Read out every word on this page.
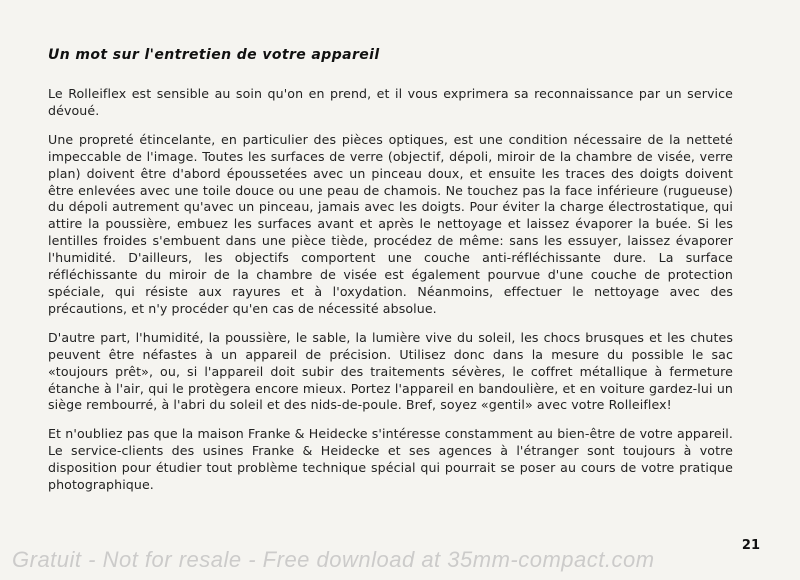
Un mot sur l'entretien de votre appareil

Le Rolleiflex est sensible au soin qu'on en prend, et il vous exprimera sa reconnaissance par un service dévoué.

Une propreté étincelante, en particulier des pièces optiques, est une condition nécessaire de la netteté impeccable de l'image. Toutes les surfaces de verre (objectif, dépoli, miroir de la chambre de visée, verre plan) doivent être d'abord époussetées avec un pinceau doux, et ensuite les traces des doigts doivent être enlevées avec une toile douce ou une peau de chamois. Ne touchez pas la face inférieure (rugueuse) du dépoli autrement qu'avec un pinceau, jamais avec les doigts. Pour éviter la charge électrostatique, qui attire la poussière, embuez les surfaces avant et après le nettoyage et laissez évaporer la buée. Si les lentilles froides s'embuent dans une pièce tiède, procédez de même: sans les essuyer, laissez évaporer l'humidité. D'ailleurs, les objectifs comportent une couche anti-réfléchissante dure. La surface réfléchissante du miroir de la chambre de visée est également pourvue d'une couche de protection spéciale, qui résiste aux rayures et à l'oxydation. Néanmoins, effectuer le nettoyage avec des précautions, et n'y procéder qu'en cas de nécessité absolue.

D'autre part, l'humidité, la poussière, le sable, la lumière vive du soleil, les chocs brusques et les chutes peuvent être néfastes à un appareil de précision. Utilisez donc dans la mesure du possible le sac «toujours prêt», ou, si l'appareil doit subir des traitements sévères, le coffret métallique à fermeture étanche à l'air, qui le protègera encore mieux. Portez l'appareil en bandoulière, et en voiture gardez-lui un siège rembourré, à l'abri du soleil et des nids-de-poule. Bref, soyez «gentil» avec votre Rolleiflex!

Et n'oubliez pas que la maison Franke & Heidecke s'intéresse constamment au bien-être de votre appareil. Le service-clients des usines Franke & Heidecke et ses agences à l'étranger sont toujours à votre disposition pour étudier tout problème technique spécial qui pourrait se poser au cours de votre pratique photographique.

21
Gratuit - Not for resale - Free download at 35mm-compact.com
